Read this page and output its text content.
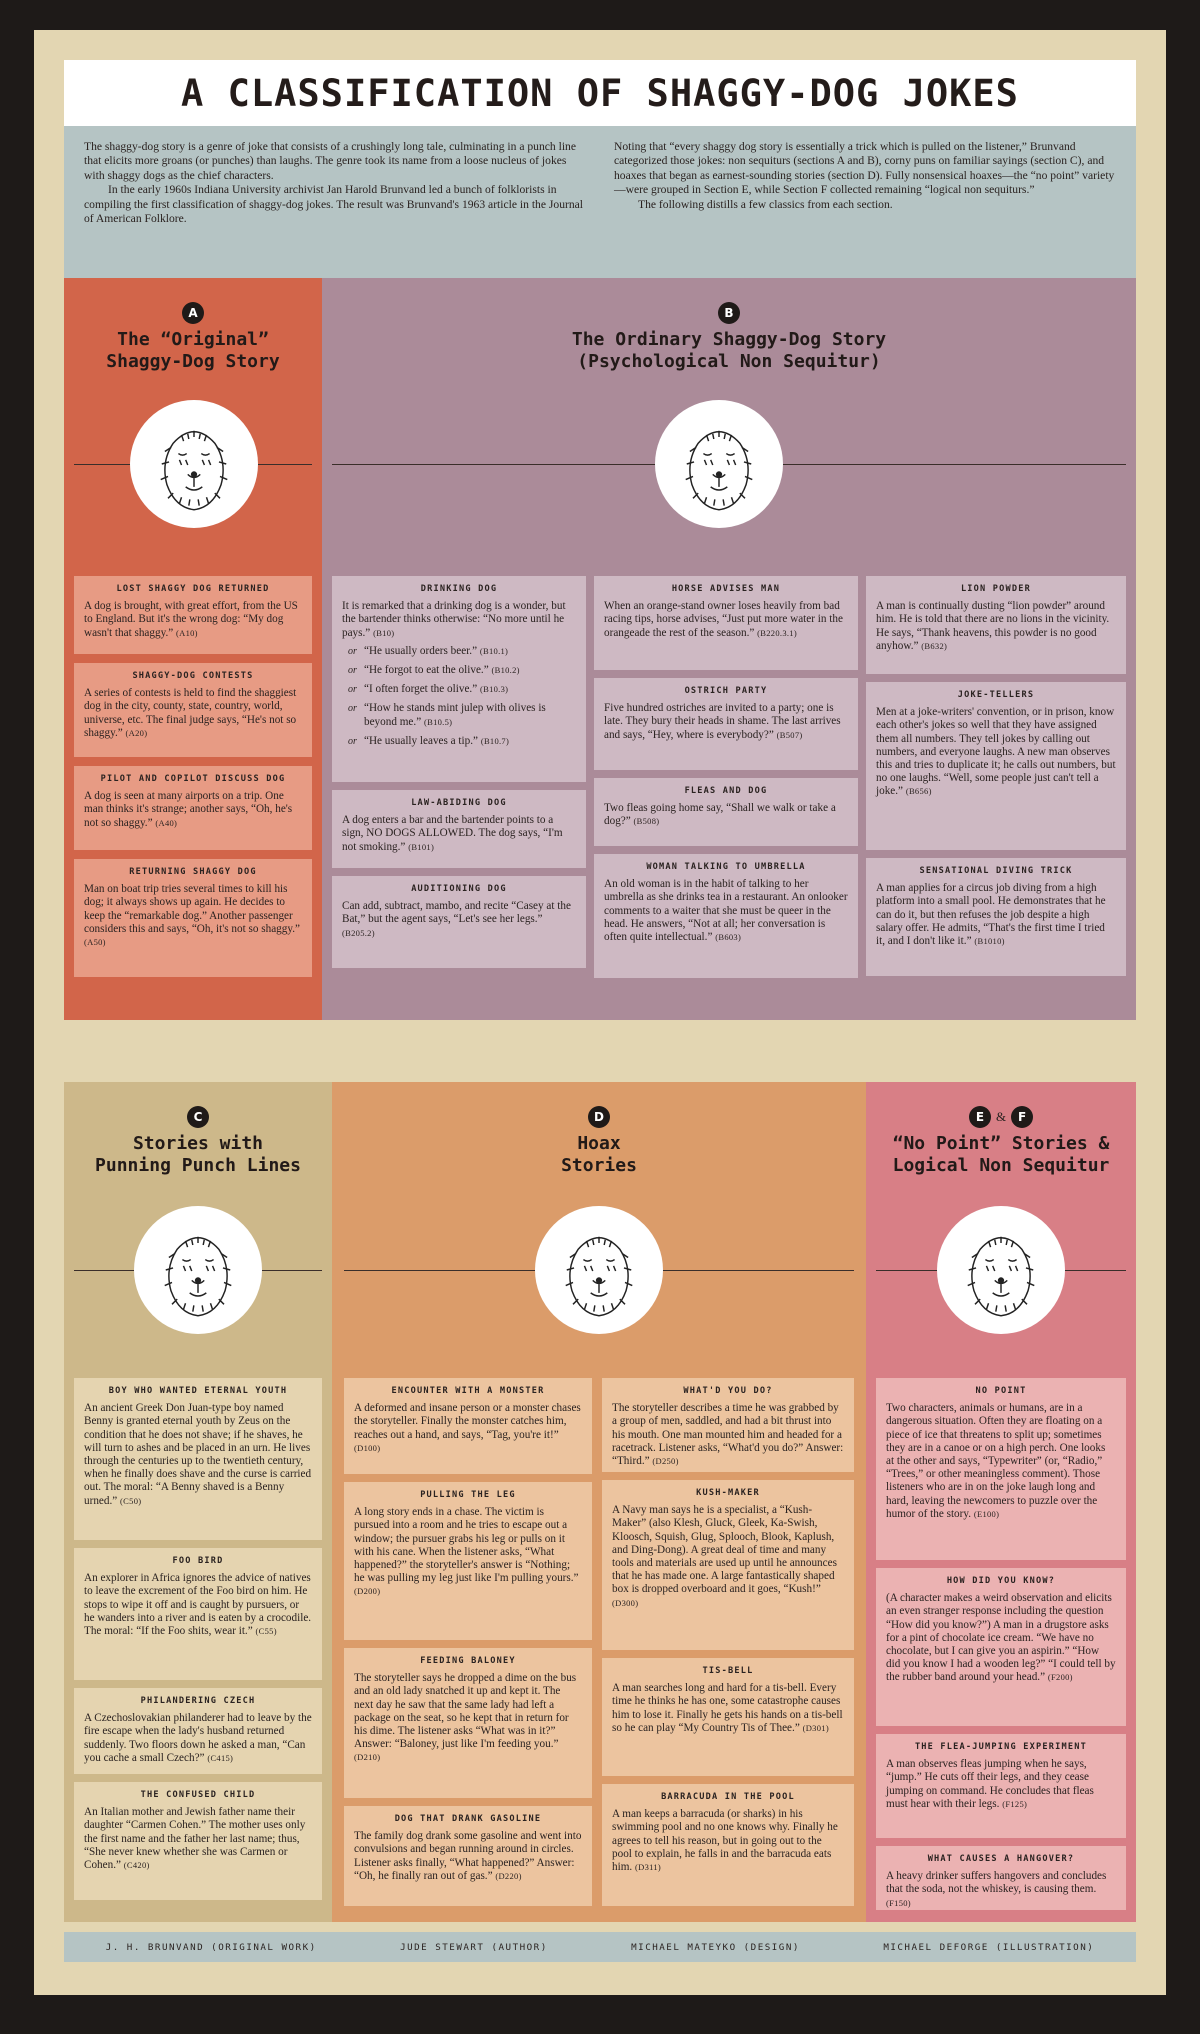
A CLASSIFICATION OF SHAGGY-DOG JOKES

The shaggy-dog story is a genre of joke that consists of a crushingly long tale, culminating in a punch line that elicits more groans (or punches) than laughs. The genre took its name from a loose nucleus of jokes with shaggy dogs as the chief characters.

In the early 1960s Indiana University archivist Jan Harold Brunvand led a bunch of folklorists in compiling the first classification of shaggy-dog jokes. The result was Brunvand's 1963 article in the Journal of American Folklore.

Noting that “every shaggy dog story is essentially a trick which is pulled on the listener,” Brunvand categorized those jokes: non sequiturs (sections A and B), corny puns on familiar sayings (section C), and hoaxes that began as earnest-sounding stories (section D). Fully nonsensical hoaxes—the “no point” variety—were grouped in Section E, while Section F collected remaining “logical non sequiturs.”

The following distills a few classics from each section.

A
The “Original”
Shaggy-Dog Story
LOST SHAGGY DOG RETURNED

A dog is brought, with great effort, from the US to England. But it's the wrong dog: “My dog wasn't that shaggy.” (A10)

SHAGGY-DOG CONTESTS

A series of contests is held to find the shaggiest dog in the city, county, state, country, world, universe, etc. The final judge says, “He's not so shaggy.” (A20)

PILOT AND COPILOT DISCUSS DOG

A dog is seen at many airports on a trip. One man thinks it's strange; another says, “Oh, he's not so shaggy.” (A40)

RETURNING SHAGGY DOG

Man on boat trip tries several times to kill his dog; it always shows up again. He decides to keep the “remarkable dog.” Another passenger considers this and says, “Oh, it's not so shaggy.” (A50)

B
The Ordinary Shaggy-Dog Story
(Psychological Non Sequitur)
DRINKING DOG

It is remarked that a drinking dog is a wonder, but the bartender thinks otherwise: “No more until he pays.” (B10)

or “He usually orders beer.” (B10.1)
or “He forgot to eat the olive.” (B10.2)
or “I often forget the olive.” (B10.3)
or “How he stands mint julep with olives is beyond me.” (B10.5)
or “He usually leaves a tip.” (B10.7)
LAW-ABIDING DOG

A dog enters a bar and the bartender points to a sign, NO DOGS ALLOWED. The dog says, “I'm not smoking.” (B101)

AUDITIONING DOG

Can add, subtract, mambo, and recite “Casey at the Bat,” but the agent says, “Let's see her legs.” (B205.2)

HORSE ADVISES MAN

When an orange-stand owner loses heavily from bad racing tips, horse advises, “Just put more water in the orangeade the rest of the season.” (B220.3.1)

OSTRICH PARTY

Five hundred ostriches are invited to a party; one is late. They bury their heads in shame. The last arrives and says, “Hey, where is everybody?” (B507)

FLEAS AND DOG

Two fleas going home say, “Shall we walk or take a dog?” (B508)

WOMAN TALKING TO UMBRELLA

An old woman is in the habit of talking to her umbrella as she drinks tea in a restaurant. An onlooker comments to a waiter that she must be queer in the head. He answers, “Not at all; her conversation is often quite intellectual.” (B603)

LION POWDER

A man is continually dusting “lion powder” around him. He is told that there are no lions in the vicinity. He says, “Thank heavens, this powder is no good anyhow.” (B632)

JOKE-TELLERS

Men at a joke-writers' convention, or in prison, know each other's jokes so well that they have assigned them all numbers. They tell jokes by calling out numbers, and everyone laughs. A new man observes this and tries to duplicate it; he calls out numbers, but no one laughs. “Well, some people just can't tell a joke.” (B656)

SENSATIONAL DIVING TRICK

A man applies for a circus job diving from a high platform into a small pool. He demonstrates that he can do it, but then refuses the job despite a high salary offer. He admits, “That's the first time I tried it, and I don't like it.” (B1010)

C
Stories with
Punning Punch Lines
BOY WHO WANTED ETERNAL YOUTH

An ancient Greek Don Juan-type boy named Benny is granted eternal youth by Zeus on the condition that he does not shave; if he shaves, he will turn to ashes and be placed in an urn. He lives through the centuries up to the twentieth century, when he finally does shave and the curse is carried out. The moral: “A Benny shaved is a Benny urned.” (C50)

FOO BIRD

An explorer in Africa ignores the advice of natives to leave the excrement of the Foo bird on him. He stops to wipe it off and is caught by pursuers, or he wanders into a river and is eaten by a crocodile. The moral: “If the Foo shits, wear it.” (C55)

PHILANDERING CZECH

A Czechoslovakian philanderer had to leave by the fire escape when the lady's husband returned suddenly. Two floors down he asked a man, “Can you cache a small Czech?” (C415)

THE CONFUSED CHILD

An Italian mother and Jewish father name their daughter “Carmen Cohen.” The mother uses only the first name and the father her last name; thus, “She never knew whether she was Carmen or Cohen.” (C420)

D
Hoax
Stories
ENCOUNTER WITH A MONSTER

A deformed and insane person or a monster chases the storyteller. Finally the monster catches him, reaches out a hand, and says, “Tag, you're it!” (D100)

PULLING THE LEG

A long story ends in a chase. The victim is pursued into a room and he tries to escape out a window; the pursuer grabs his leg or pulls on it with his cane. When the listener asks, “What happened?” the storyteller's answer is “Nothing; he was pulling my leg just like I'm pulling yours.” (D200)

FEEDING BALONEY

The storyteller says he dropped a dime on the bus and an old lady snatched it up and kept it. The next day he saw that the same lady had left a package on the seat, so he kept that in return for his dime. The listener asks “What was in it?” Answer: “Baloney, just like I'm feeding you.” (D210)

DOG THAT DRANK GASOLINE

The family dog drank some gasoline and went into convulsions and began running around in circles. Listener asks finally, “What happened?” Answer: “Oh, he finally ran out of gas.” (D220)

WHAT'D YOU DO?

The storyteller describes a time he was grabbed by a group of men, saddled, and had a bit thrust into his mouth. One man mounted him and headed for a racetrack. Listener asks, “What'd you do?” Answer: “Third.” (D250)

KUSH-MAKER

A Navy man says he is a specialist, a “Kush-Maker” (also Klesh, Gluck, Gleek, Ka-Swish, Kloosch, Squish, Glug, Splooch, Blook, Kaplush, and Ding-Dong). A great deal of time and many tools and materials are used up until he announces that he has made one. A large fantastically shaped box is dropped overboard and it goes, “Kush!” (D300)

TIS-BELL

A man searches long and hard for a tis-bell. Every time he thinks he has one, some catastrophe causes him to lose it. Finally he gets his hands on a tis-bell so he can play “My Country Tis of Thee.” (D301)

BARRACUDA IN THE POOL

A man keeps a barracuda (or sharks) in his swimming pool and no one knows why. Finally he agrees to tell his reason, but in going out to the pool to explain, he falls in and the barracuda eats him. (D311)

E & F
“No Point” Stories &
Logical Non Sequitur
NO POINT

Two characters, animals or humans, are in a dangerous situation. Often they are floating on a piece of ice that threatens to split up; sometimes they are in a canoe or on a high perch. One looks at the other and says, “Typewriter” (or, “Radio,” “Trees,” or other meaningless comment). Those listeners who are in on the joke laugh long and hard, leaving the newcomers to puzzle over the humor of the story. (E100)

HOW DID YOU KNOW?

(A character makes a weird observation and elicits an even stranger response including the question “How did you know?”) A man in a drugstore asks for a pint of chocolate ice cream. “We have no chocolate, but I can give you an aspirin.” “How did you know I had a wooden leg?” “I could tell by the rubber band around your head.” (F200)

THE FLEA-JUMPING EXPERIMENT

A man observes fleas jumping when he says, “jump.” He cuts off their legs, and they cease jumping on command. He concludes that fleas must hear with their legs. (F125)

WHAT CAUSES A HANGOVER?

A heavy drinker suffers hangovers and concludes that the soda, not the whiskey, is causing them. (F150)

J. H. BRUNVAND (ORIGINAL WORK)	JUDE STEWART (AUTHOR)	MICHAEL MATEYKO (DESIGN)	MICHAEL DEFORGE (ILLUSTRATION)
